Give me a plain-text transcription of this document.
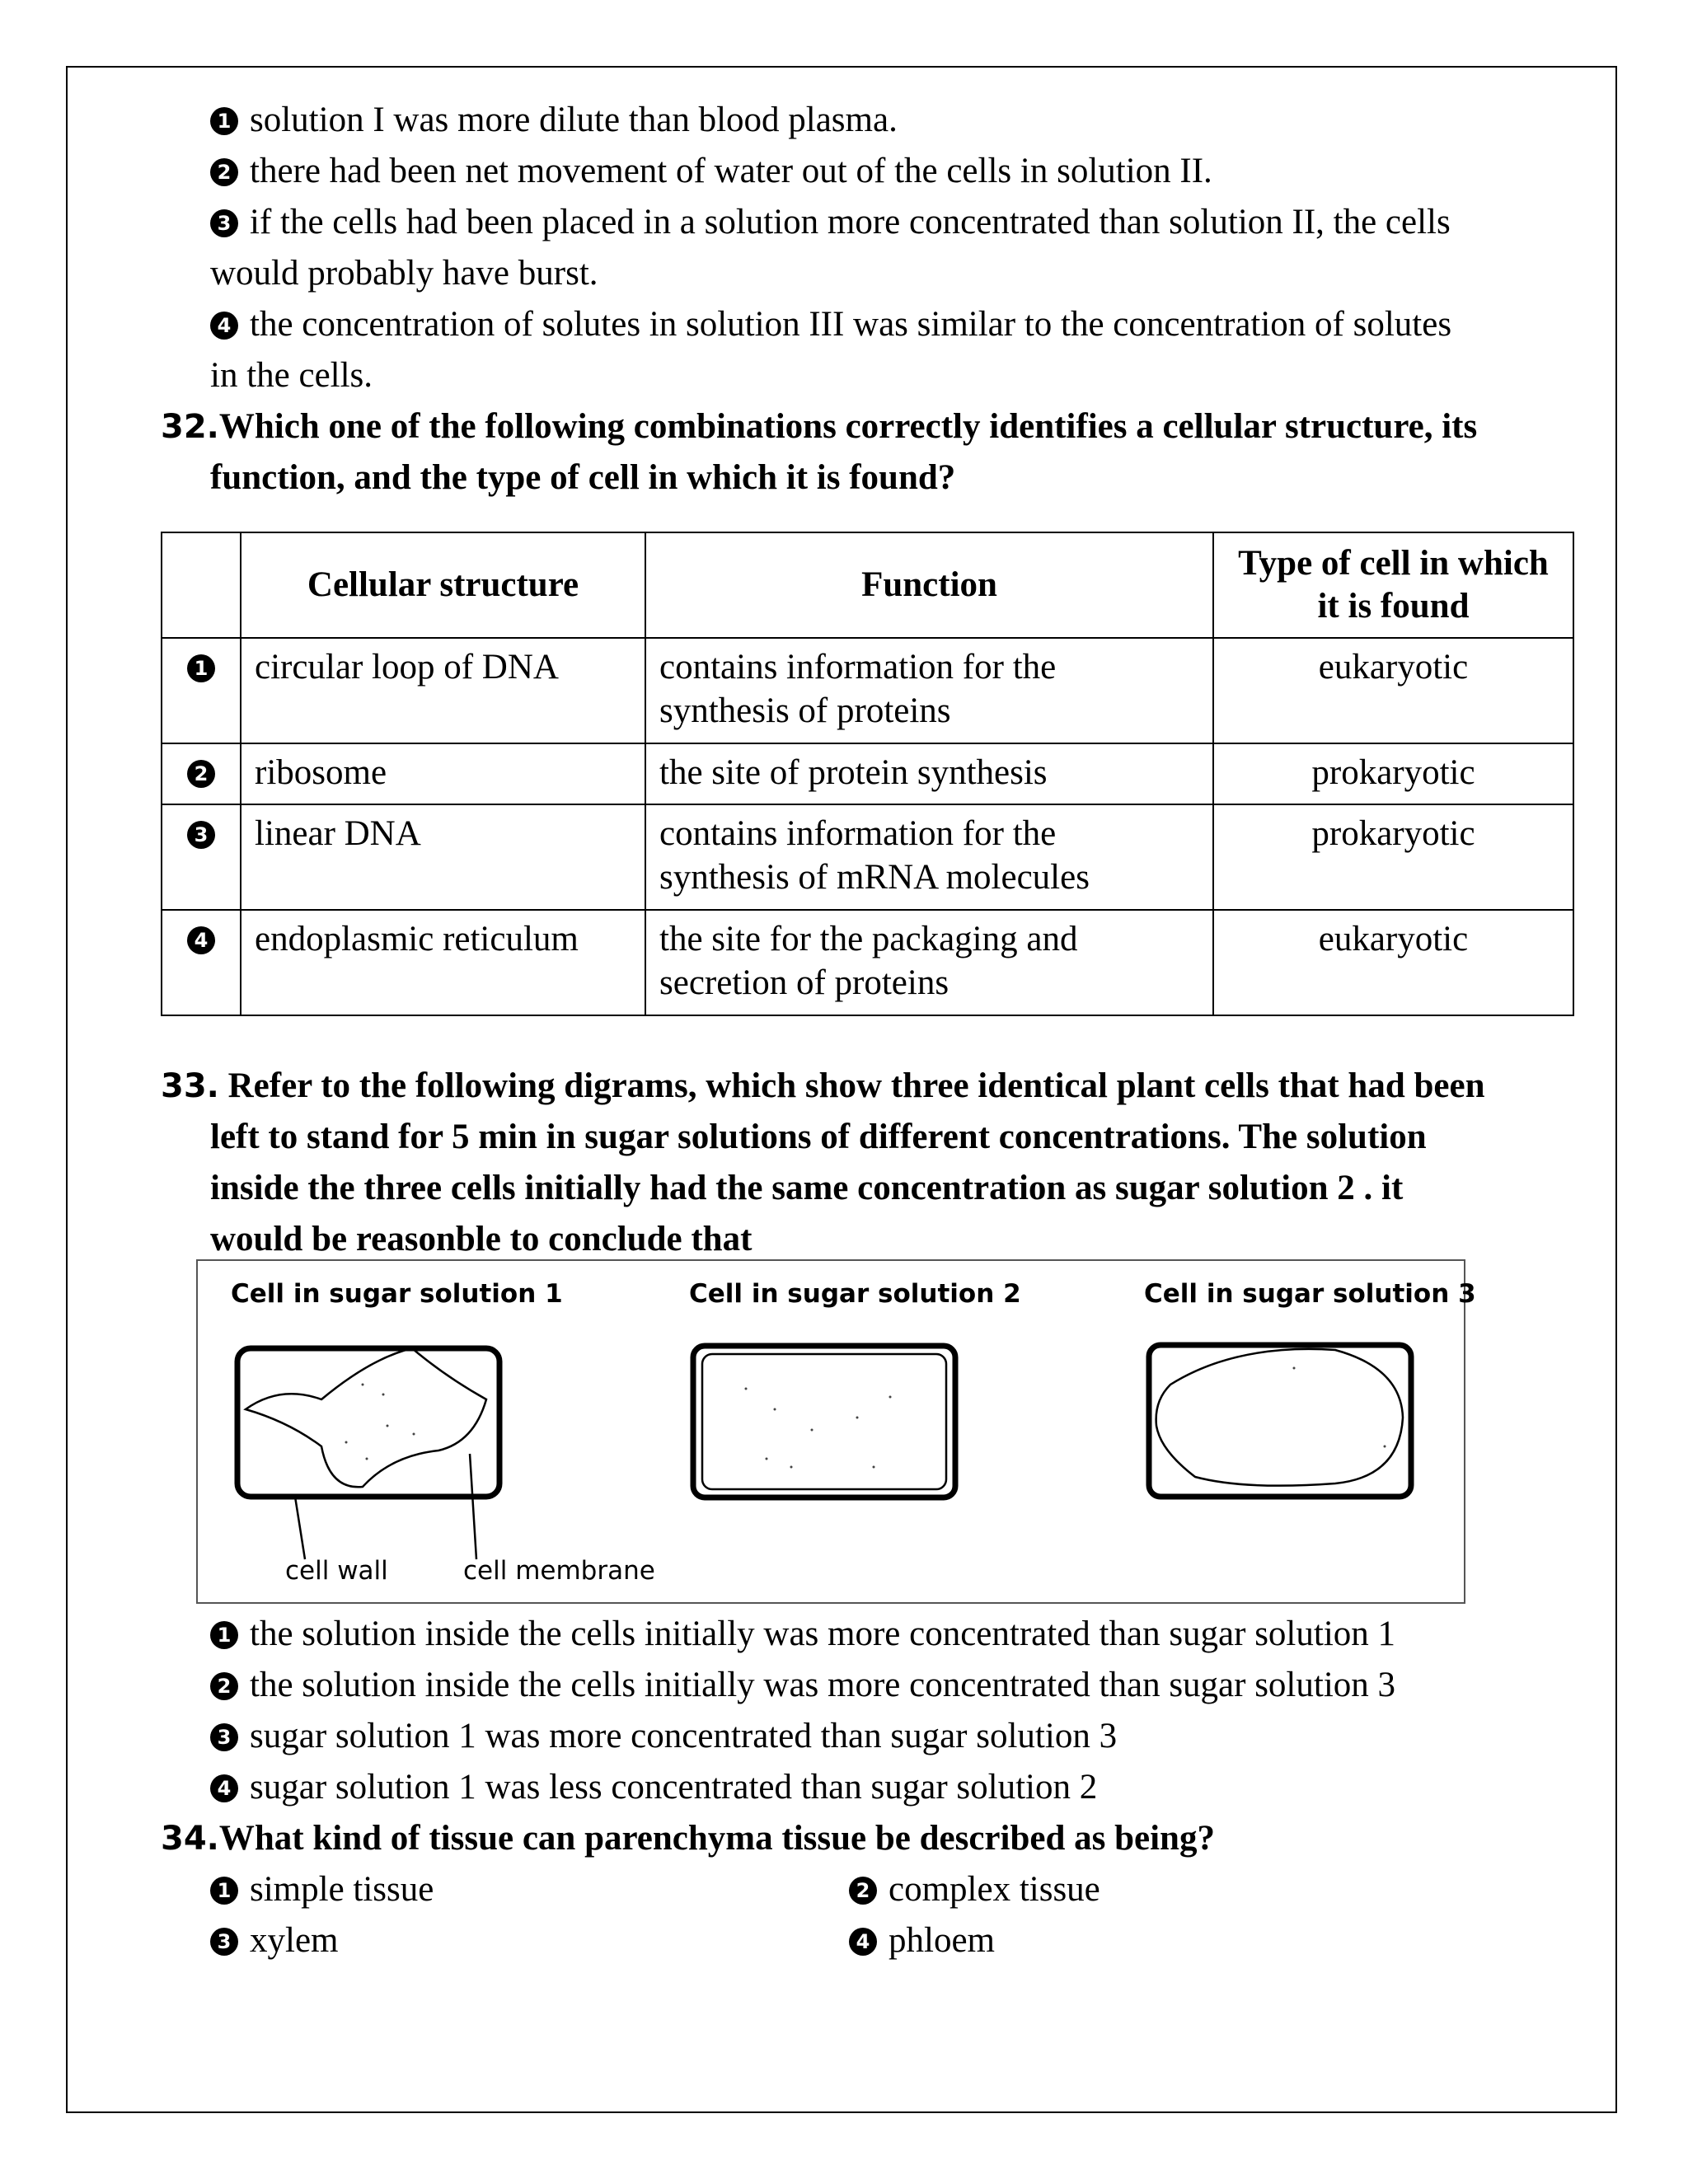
1 solution I was more dilute than blood plasma.
2 there had been net movement of water out of the cells in solution II.
3 if the cells had been placed in a solution more concentrated than solution II, the cells
would probably have burst.
4 the concentration of solutes in solution III was similar to the concentration of solutes
in the cells.
32.Which one of the following combinations correctly identifies a cellular structure, its
function, and the type of cell in which it is found?
	Cellular structure	Function	Type of cell in which
it is found
1	circular loop of DNA	contains information for the
synthesis of proteins	eukaryotic
2	ribosome	the site of protein synthesis	prokaryotic
3	linear DNA	contains information for the
synthesis of mRNA molecules	prokaryotic
4	endoplasmic reticulum	the site for the packaging and
secretion of proteins	eukaryotic
33. Refer to the following digrams, which show three identical plant cells that had been
left to stand for 5 min in sugar solutions of different concentrations. The solution
inside the three cells initially had the same concentration as sugar solution 2 . it
would be reasonble to conclude that
Cell in sugar solution 1	Cell in sugar solution 2	Cell in sugar solution 3
cell wall	cell membrane
1 the solution inside the cells initially was more concentrated than sugar solution 1
2 the solution inside the cells initially was more concentrated than sugar solution 3
3 sugar solution 1 was more concentrated than sugar solution 3
4 sugar solution 1 was less concentrated than sugar solution 2
34.What kind of tissue can parenchyma tissue be described as being?
1 simple tissue	2 complex tissue
3 xylem	4 phloem
